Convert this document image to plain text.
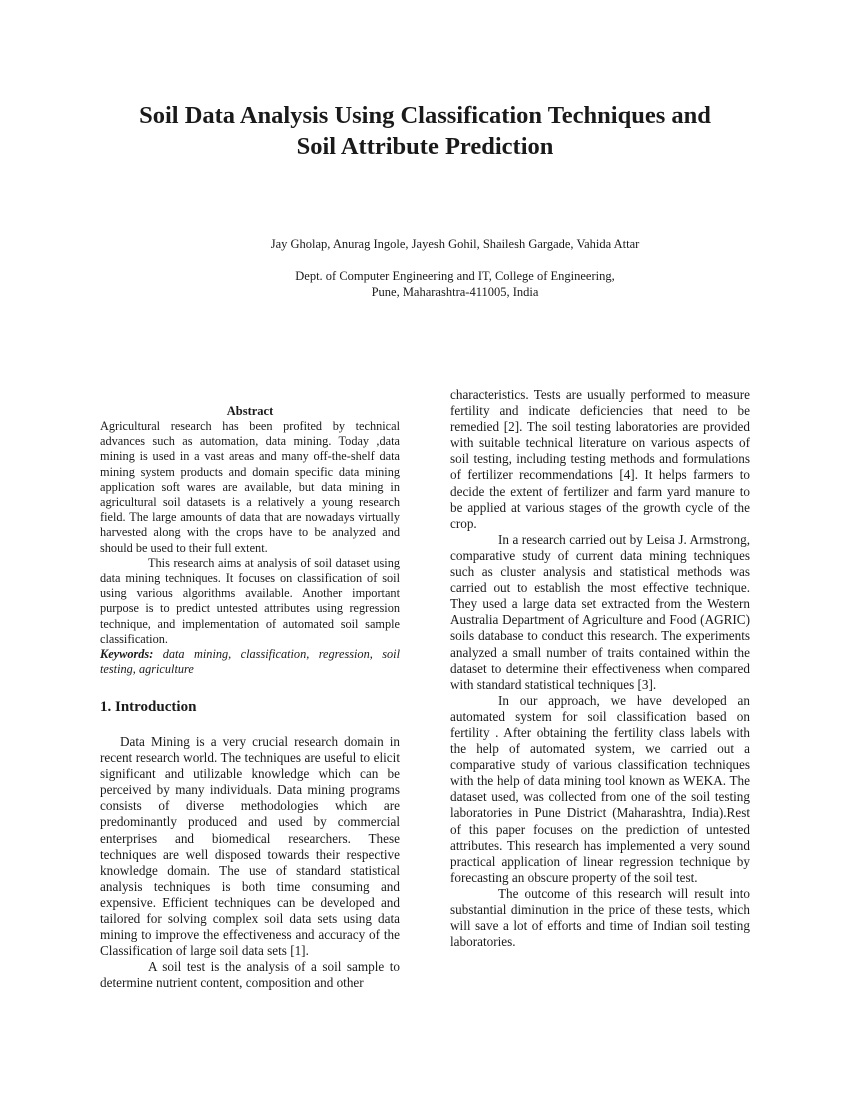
Soil Data Analysis Using Classification Techniques and
Soil Attribute Prediction
Jay Gholap, Anurag Ingole, Jayesh Gohil, Shailesh Gargade, Vahida Attar
Dept. of Computer Engineering and IT, College of Engineering,
Pune, Maharashtra-411005, India

Abstract

Agricultural research has been profited by technical advances such as automation, data mining. Today ,data mining is used in a vast areas and many off-the-shelf data mining system products and domain specific data mining application soft wares are available, but data mining in agricultural soil datasets is a relatively a young research field. The large amounts of data that are nowadays virtually harvested along with the crops have to be analyzed and should be used to their full extent.

This research aims at analysis of soil dataset using data mining techniques. It focuses on classification of soil using various algorithms available. Another important purpose is to predict untested attributes using regression technique, and implementation of automated soil sample classification.

Keywords: data mining, classification, regression, soil testing, agriculture

1. Introduction

Data Mining is a very crucial research domain in recent research world. The techniques are useful to elicit significant and utilizable knowledge which can be perceived by many individuals. Data mining programs consists of diverse methodologies which are predominantly produced and used by commercial enterprises and biomedical researchers. These techniques are well disposed towards their respective knowledge domain. The use of standard statistical analysis techniques is both time consuming and expensive. Efficient techniques can be developed and tailored for solving complex soil data sets using data mining to improve the effectiveness and accuracy of the Classification of large soil data sets [1].

A soil test is the analysis of a soil sample to determine nutrient content, composition and other

characteristics. Tests are usually performed to measure fertility and indicate deficiencies that need to be remedied [2]. The soil testing laboratories are provided with suitable technical literature on various aspects of soil testing, including testing methods and formulations of fertilizer recommendations [4]. It helps farmers to decide the extent of fertilizer and farm yard manure to be applied at various stages of the growth cycle of the crop.

In a research carried out by Leisa J. Armstrong, comparative study of current data mining techniques such as cluster analysis and statistical methods was carried out to establish the most effective technique. They used a large data set extracted from the Western Australia Department of Agriculture and Food (AGRIC) soils database to conduct this research. The experiments analyzed a small number of traits contained within the dataset to determine their effectiveness when compared with standard statistical techniques [3].

In our approach, we have developed an automated system for soil classification based on fertility . After obtaining the fertility class labels with the help of automated system, we carried out a comparative study of various classification techniques with the help of data mining tool known as WEKA. The dataset used, was collected from one of the soil testing laboratories in Pune District (Maharashtra, India).Rest of this paper focuses on the prediction of untested attributes. This research has implemented a very sound practical application of linear regression technique by forecasting an obscure property of the soil test.

The outcome of this research will result into substantial diminution in the price of these tests, which will save a lot of efforts and time of Indian soil testing laboratories.
